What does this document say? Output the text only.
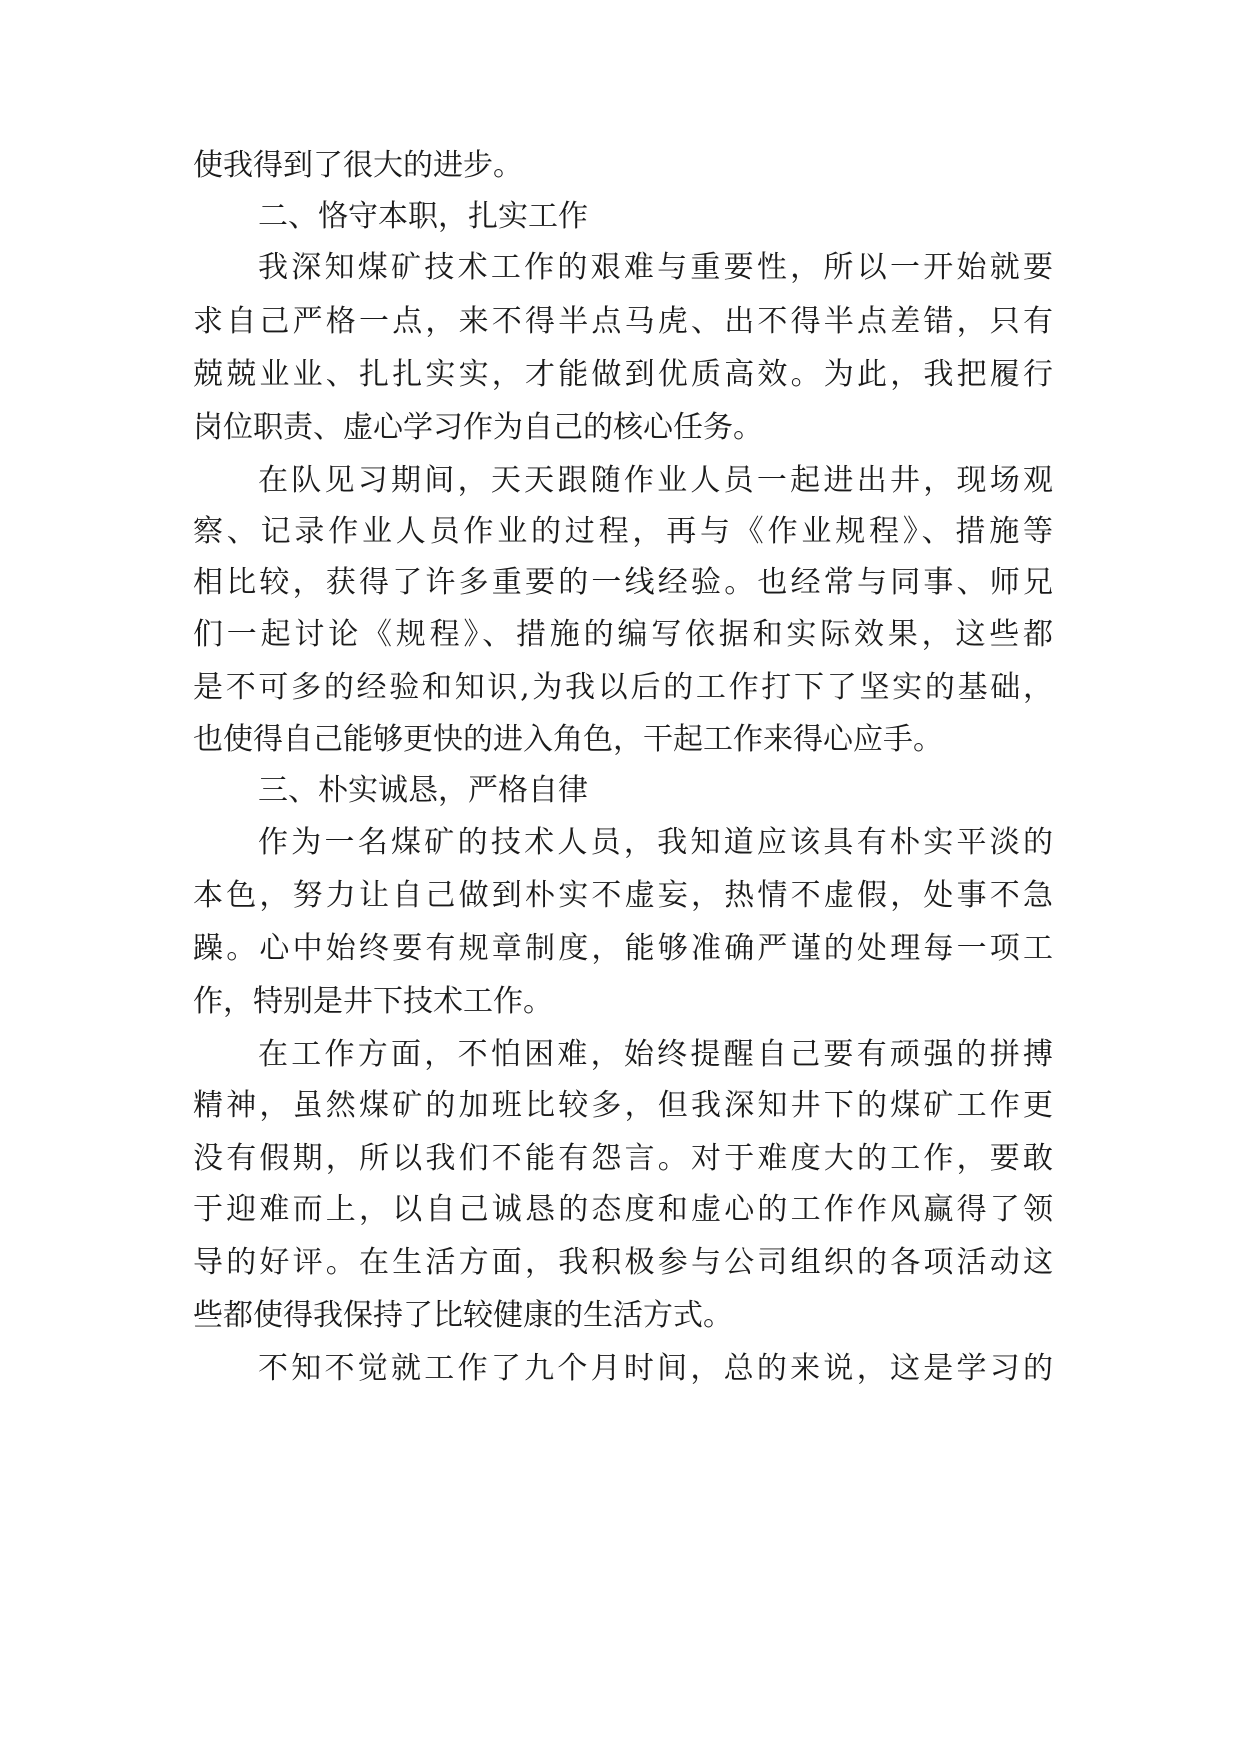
使我得到了很大的进步。

二、恪守本职，扎实工作

我深知煤矿技术工作的艰难与重要性，所以一开始就要

求自己严格一点，来不得半点马虎、出不得半点差错，只有

兢兢业业、扎扎实实，才能做到优质高效。为此，我把履行

岗位职责、虚心学习作为自己的核心任务。

在队见习期间，天天跟随作业人员一起进出井，现场观

察、记录作业人员作业的过程，再与《作业规程》、措施等

相比较，获得了许多重要的一线经验。也经常与同事、师兄

们一起讨论《规程》、措施的编写依据和实际效果，这些都

是不可多的经验和知识,为我以后的工作打下了坚实的基础，

也使得自己能够更快的进入角色，干起工作来得心应手。

三、朴实诚恳，严格自律

作为一名煤矿的技术人员，我知道应该具有朴实平淡的

本色，努力让自己做到朴实不虚妄，热情不虚假，处事不急

躁。心中始终要有规章制度，能够准确严谨的处理每一项工

作，特别是井下技术工作。

在工作方面，不怕困难，始终提醒自己要有顽强的拼搏

精神，虽然煤矿的加班比较多，但我深知井下的煤矿工作更

没有假期，所以我们不能有怨言。对于难度大的工作，要敢

于迎难而上，以自己诚恳的态度和虚心的工作作风赢得了领

导的好评。在生活方面，我积极参与公司组织的各项活动这

些都使得我保持了比较健康的生活方式。

不知不觉就工作了九个月时间，总的来说，这是学习的
